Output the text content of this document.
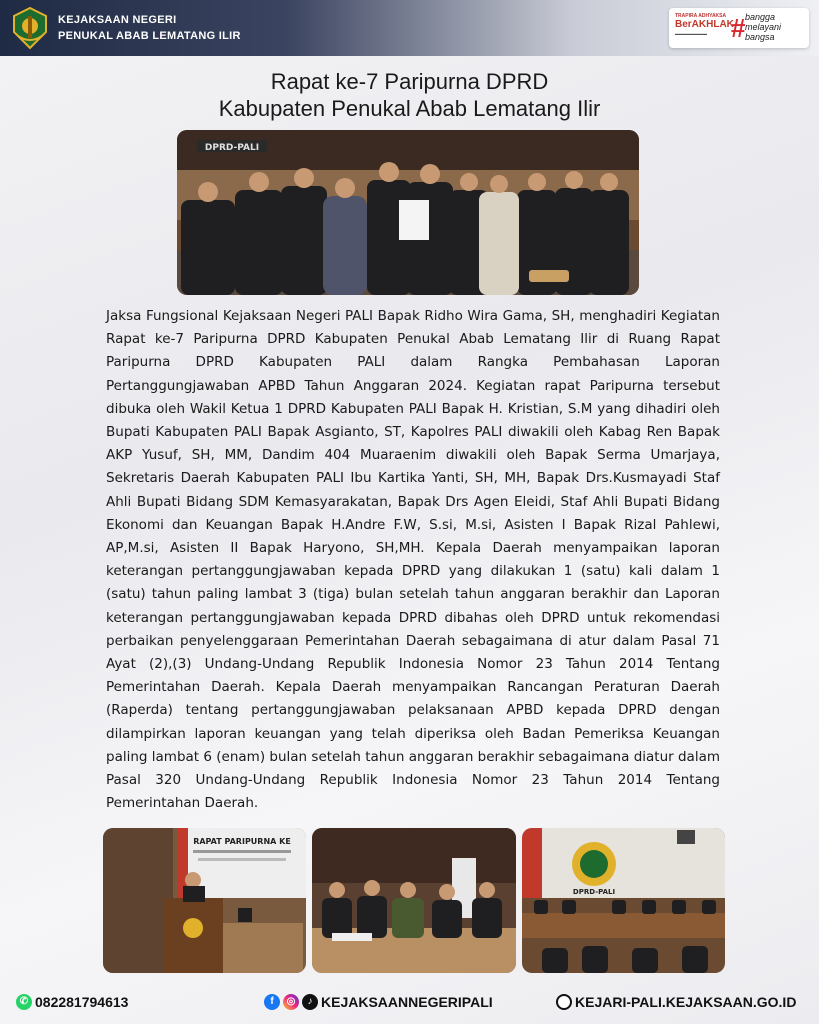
KEJAKSAAN NEGERI
PENUKAL ABAB LEMATANG ILIR
TRAPIRA ADHYAKSA
BerAKHLAK
▬▬▬▬▬▬▬▬ # bangga
melayani
bangsa
Rapat ke-7 Paripurna DPRD
Kabupaten Penukal Abab Lematang Ilir
DPRD-PALI

Jaksa Fungsional Kejaksaan Negeri PALI Bapak Ridho Wira Gama, SH, menghadiri Kegiatan Rapat ke-7 Paripurna DPRD Kabupaten Penukal Abab Lematang Ilir di Ruang Rapat Paripurna DPRD Kabupaten PALI dalam Rangka Pembahasan Laporan Pertanggungjawaban APBD Tahun Anggaran 2024. Kegiatan rapat Paripurna tersebut dibuka oleh Wakil Ketua 1 DPRD Kabupaten PALI Bapak H. Kristian, S.M yang dihadiri oleh Bupati Kabupaten PALI Bapak Asgianto, ST, Kapolres PALI diwakili oleh Kabag Ren Bapak AKP Yusuf, SH, MM, Dandim 404 Muaraenim diwakili oleh Bapak Serma Umarjaya, Sekretaris Daerah Kabupaten PALI Ibu Kartika Yanti, SH, MH, Bapak Drs.Kusmayadi Staf Ahli Bupati Bidang SDM Kemasyarakatan, Bapak Drs Agen Eleidi, Staf Ahli Bupati Bidang Ekonomi dan Keuangan Bapak H.Andre F.W, S.si, M.si, Asisten I Bapak Rizal Pahlewi, AP,M.si, Asisten II Bapak Haryono, SH,MH. Kepala Daerah menyampaikan laporan keterangan pertanggungjawaban kepada DPRD yang dilakukan 1 (satu) kali dalam 1 (satu) tahun paling lambat 3 (tiga) bulan setelah tahun anggaran berakhir dan Laporan keterangan pertanggungjawaban kepada DPRD dibahas oleh DPRD untuk rekomendasi perbaikan penyelenggaraan Pemerintahan Daerah sebagaimana di atur dalam Pasal 71 Ayat (2),(3) Undang-Undang Republik Indonesia Nomor 23 Tahun 2014 Tentang Pemerintahan Daerah. Kepala Daerah menyampaikan Rancangan Peraturan Daerah (Raperda) tentang pertanggungjawaban pelaksanaan APBD kepada DPRD dengan dilampirkan laporan keuangan yang telah diperiksa oleh Badan Pemeriksa Keuangan paling lambat 6 (enam) bulan setelah tahun anggaran berakhir sebagaimana diatur dalam Pasal 320 Undang-Undang Republik Indonesia Nomor 23 Tahun 2014 Tentang Pemerintahan Daerah.

RAPAT PARIPURNA KE
DPRD-PALI
✆ 082281794613	f	◎	♪ KEJAKSAANNEGERIPALI	KEJARI-PALI.KEJAKSAAN.GO.ID
